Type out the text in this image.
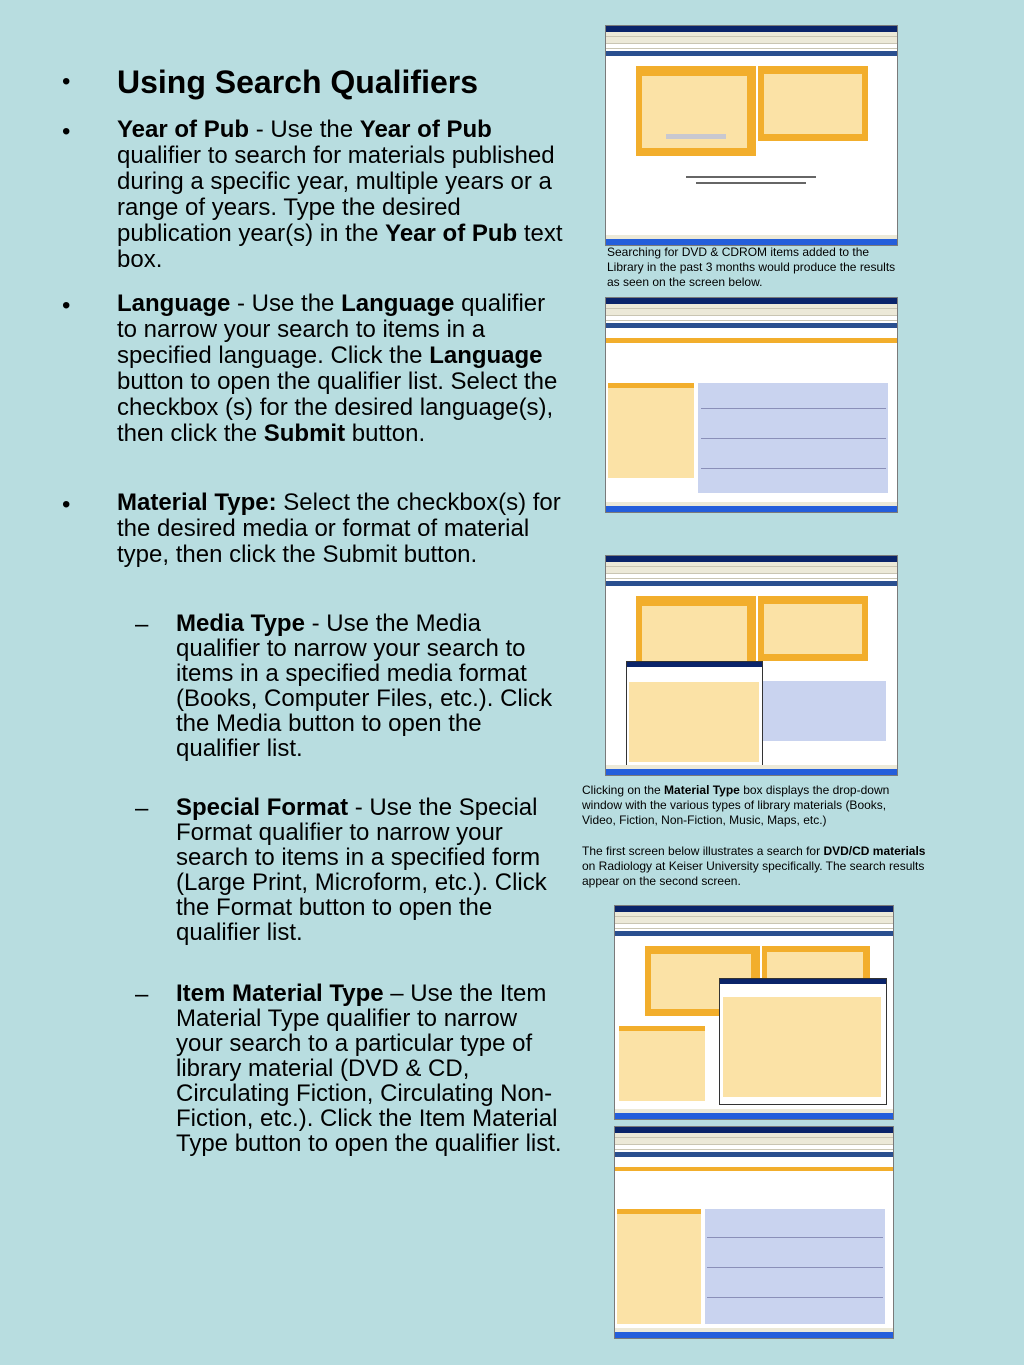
• Using Search Qualifiers
• Year of Pub - Use the Year of Pub qualifier to search for materials published during a specific year, multiple years or a range of years. Type the desired publication year(s) in the Year of Pub text box.
• Language - Use the Language qualifier to narrow your search to items in a specified language. Click the Language button to open the qualifier list. Select the checkbox (s) for the desired language(s), then click the Submit button.
• Material Type: Select the checkbox(s) for the desired media or format of material type, then click the Submit button.
– Media Type - Use the Media qualifier to narrow your search to items in a specified media format (Books, Computer Files, etc.). Click the Media button to open the qualifier list.
– Special Format - Use the Special Format qualifier to narrow your search to items in a specified form (Large Print, Microform, etc.). Click the Format button to open the qualifier list.
– Item Material Type – Use the Item Material Type qualifier to narrow your search to a particular type of library material (DVD & CD, Circulating Fiction, Circulating Non-Fiction, etc.). Click the Item Material Type button to open the qualifier list.
Searching for DVD & CDROM items added to the Library in the past 3 months would produce the results as seen on the screen below.
Clicking on the Material Type box displays the drop-down window with the various types of library materials (Books, Video, Fiction, Non-Fiction, Music, Maps, etc.)
The first screen below illustrates a search for DVD/CD materials on Radiology at Keiser University specifically. The search results appear on the second screen.
